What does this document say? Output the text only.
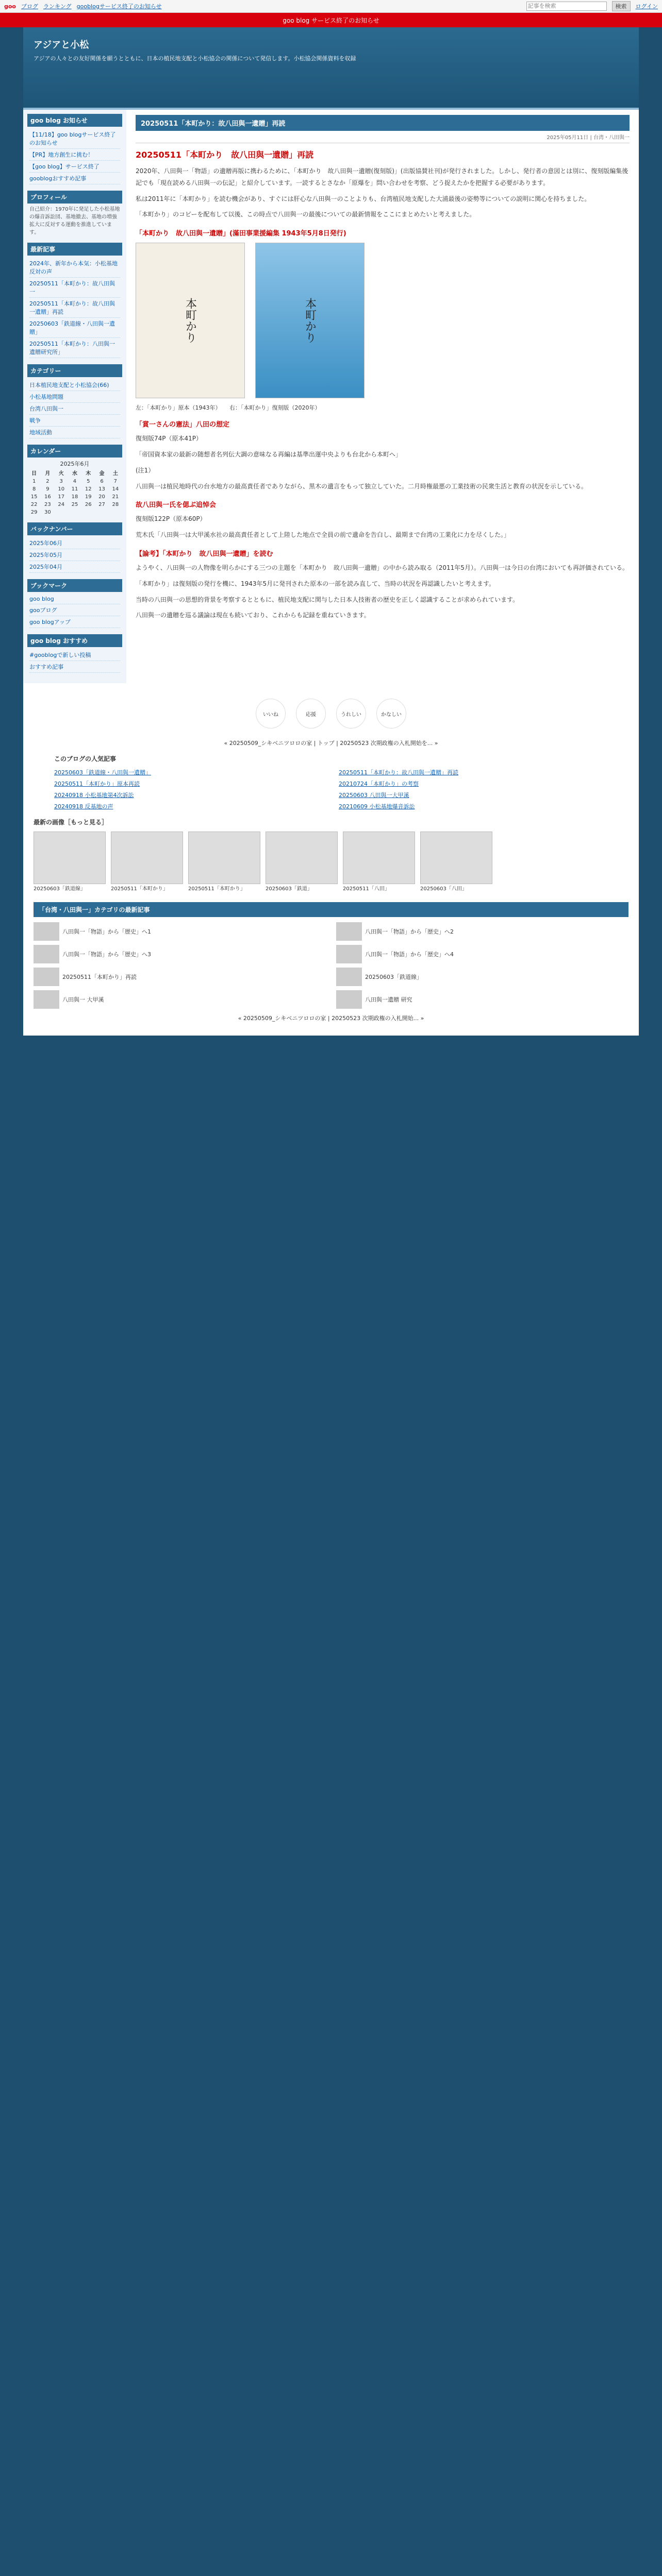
goo ブログ ランキング gooblogサービス終了のお知らせ
記事を検索	検索	ログイン
goo blog サービス終了のお知らせ
アジアと小松
アジアの人々との友好関係を願うとともに、日本の植民地支配と小松協会の関係について発信します。小松協会関係資料を収録
goo blog お知らせ
【11/18】goo blogサービス終了のお知らせ
【PR】地方創生に挑む！
【goo blog】サービス終了
gooblogおすすめ記事
プロフィール
自己紹介：1970年に発足した小松基地の爆音訴訟団、基地撤去、基地の増強拡大に反対する運動を推進しています。
最新記事
2024年、新年から本気：小松基地反対の声
20250511「本町かり：故八田與一
20250511「本町かり：故八田與一遺贈」再読
20250603「鉄道線・八田與一遺贈」
20250511「本町かり：八田與一遺贈研究所」
カテゴリー
日本植民地支配と小松協会(66)
小松基地問題
台湾八田與一
戦争
地域活動
カレンダー
2025年6月
日	月	火	水	木	金	土
1	2	3	4	5	6	7
8	9	10	11	12	13	14
15	16	17	18	19	20	21
22	23	24	25	26	27	28
29	30					
バックナンバー
2025年06月
2025年05月
2025年04月
ブックマーク
goo blog
gooブログ
goo blogアップ
goo blog おすすめ
#gooblogで新しい投稿
おすすめ記事
20250511「本町かり：故八田與一遺贈」再読
2025年05月11日 | 台湾・八田與一
20250511「本町かり　故八田與一遺贈」再読

2020年、八田與一「物語」の遺贈再版に携わるために、「本町かり　故八田與一遺贈(復刻版)」(出版協賛社刊)が発行されました。しかし、発行者の意図とは別に、復刻版編集後記でも「現在読める八田與一の伝記」と紹介しています。一読するとさなか「原爆を」問い合わせを考察、どう捉えたかを把握する必要があります。

私は2011年に「本町かり」を読む機会があり、すぐには肝心な八田與一のことよりも、台湾植民地支配した大浦最後の姿勢等についての説明に関心を持ちました。

「本町かり」のコピーを配布して以後、この時点で八田與一の最後についての最新情報をここにまとめたいと考えました。

「本町かり　故八田與一遺贈」(滿田事業援編集 1943年5月8日発行)
本町かり	本町かり
左：「本町かり」原本（1943年）　　右：「本町かり」復刻版（2020年）
「賞一さんの憲法」八田の想定

復刻版74P（原本41P）

「帝国資本家の最新の随想者名列伝大調の意味なる再編は基準出運中央よりも台北から本町へ」

(注1）

八田與一は植民地時代の台水地方の最高責任者でありながら、黒木の遺言をもって独立していた。二月時権最悪の工業技術の民衆生活と教育の状況を示している。

故八田與一氏を偲ぶ追悼会

復刻版122P（原本60P）

荒木氏「八田與一は大甲溪水社の最高責任者として上陸した地点で全員の前で遺命を告白し、最期まで台湾の工業化に力を尽くした。」

【論考】「本町かり　故八田與一遺贈」を読む

ようやく、八田與一の人物像を明らかにする三つの主題を「本町かり　故八田與一遺贈」の中から読み取る（2011年5月）。八田與一は今日の台湾においても再評価されている。

「本町かり」は復刻版の発行を機に、1943年5月に発刊された原本の一部を読み直して、当時の状況を再認識したいと考えます。

当時の八田與一の思想的背景を考察するとともに、植民地支配に関与した日本人技術者の歴史を正しく認識することが求められています。

八田與一の遺贈を巡る議論は現在も続いており、これからも記録を重ねていきます。

いいね	応援	うれしい	かなしい
« 20250509_シキベニツロロの家 | トップ | 20250523 次期政権の入札開始を... »
このブログの人気記事
20250603「鉄道線・八田與一遺贈」	20250511「本町かり：故八田與一遺贈」再読
20250511「本町かり」原本再読	20210724「本町かり」の考察
20240918 小松基地第4次訴訟	20250603 八田與一大甲溪
20240918 反基地の声	20210609 小松基地爆音訴訟
最新の画像［もっと見る］
20250603「鉄道線」	20250511「本町かり」	20250511「本町かり」	20250603「鉄道」	20250511「八田」	20250603「八田」
「台湾・八田與一」カテゴリの最新記事
八田與一「物語」から「歴史」へ1	八田與一「物語」から「歴史」へ2
八田與一「物語」から「歴史」へ3	八田與一「物語」から「歴史」へ4
20250511「本町かり」再読	20250603「鉄道線」
八田與一 大甲溪	八田與一遺贈 研究
« 20250509_シキベニツロロの家 | 20250523 次期政権の入札開始... »
